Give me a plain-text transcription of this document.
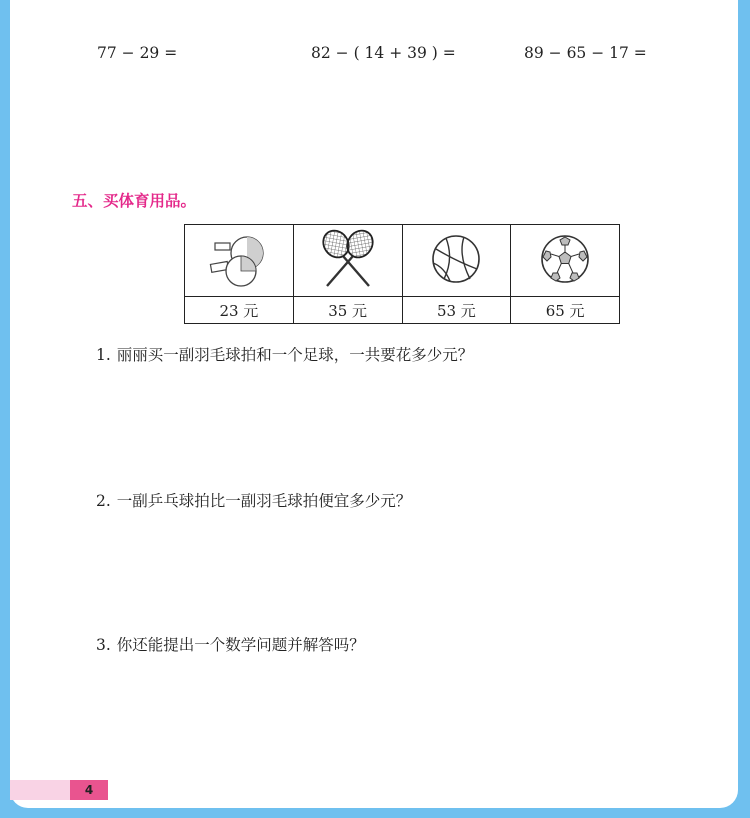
77 − 29 =	82 − ( 14 + 39 ) =	89 − 65 − 17 =
五、买体育用品。

23 元	35 元	53 元	65 元
1. 丽丽买一副羽毛球拍和一个足球，一共要花多少元？
2. 一副乒乓球拍比一副羽毛球拍便宜多少元？
3. 你还能提出一个数学问题并解答吗？
4
